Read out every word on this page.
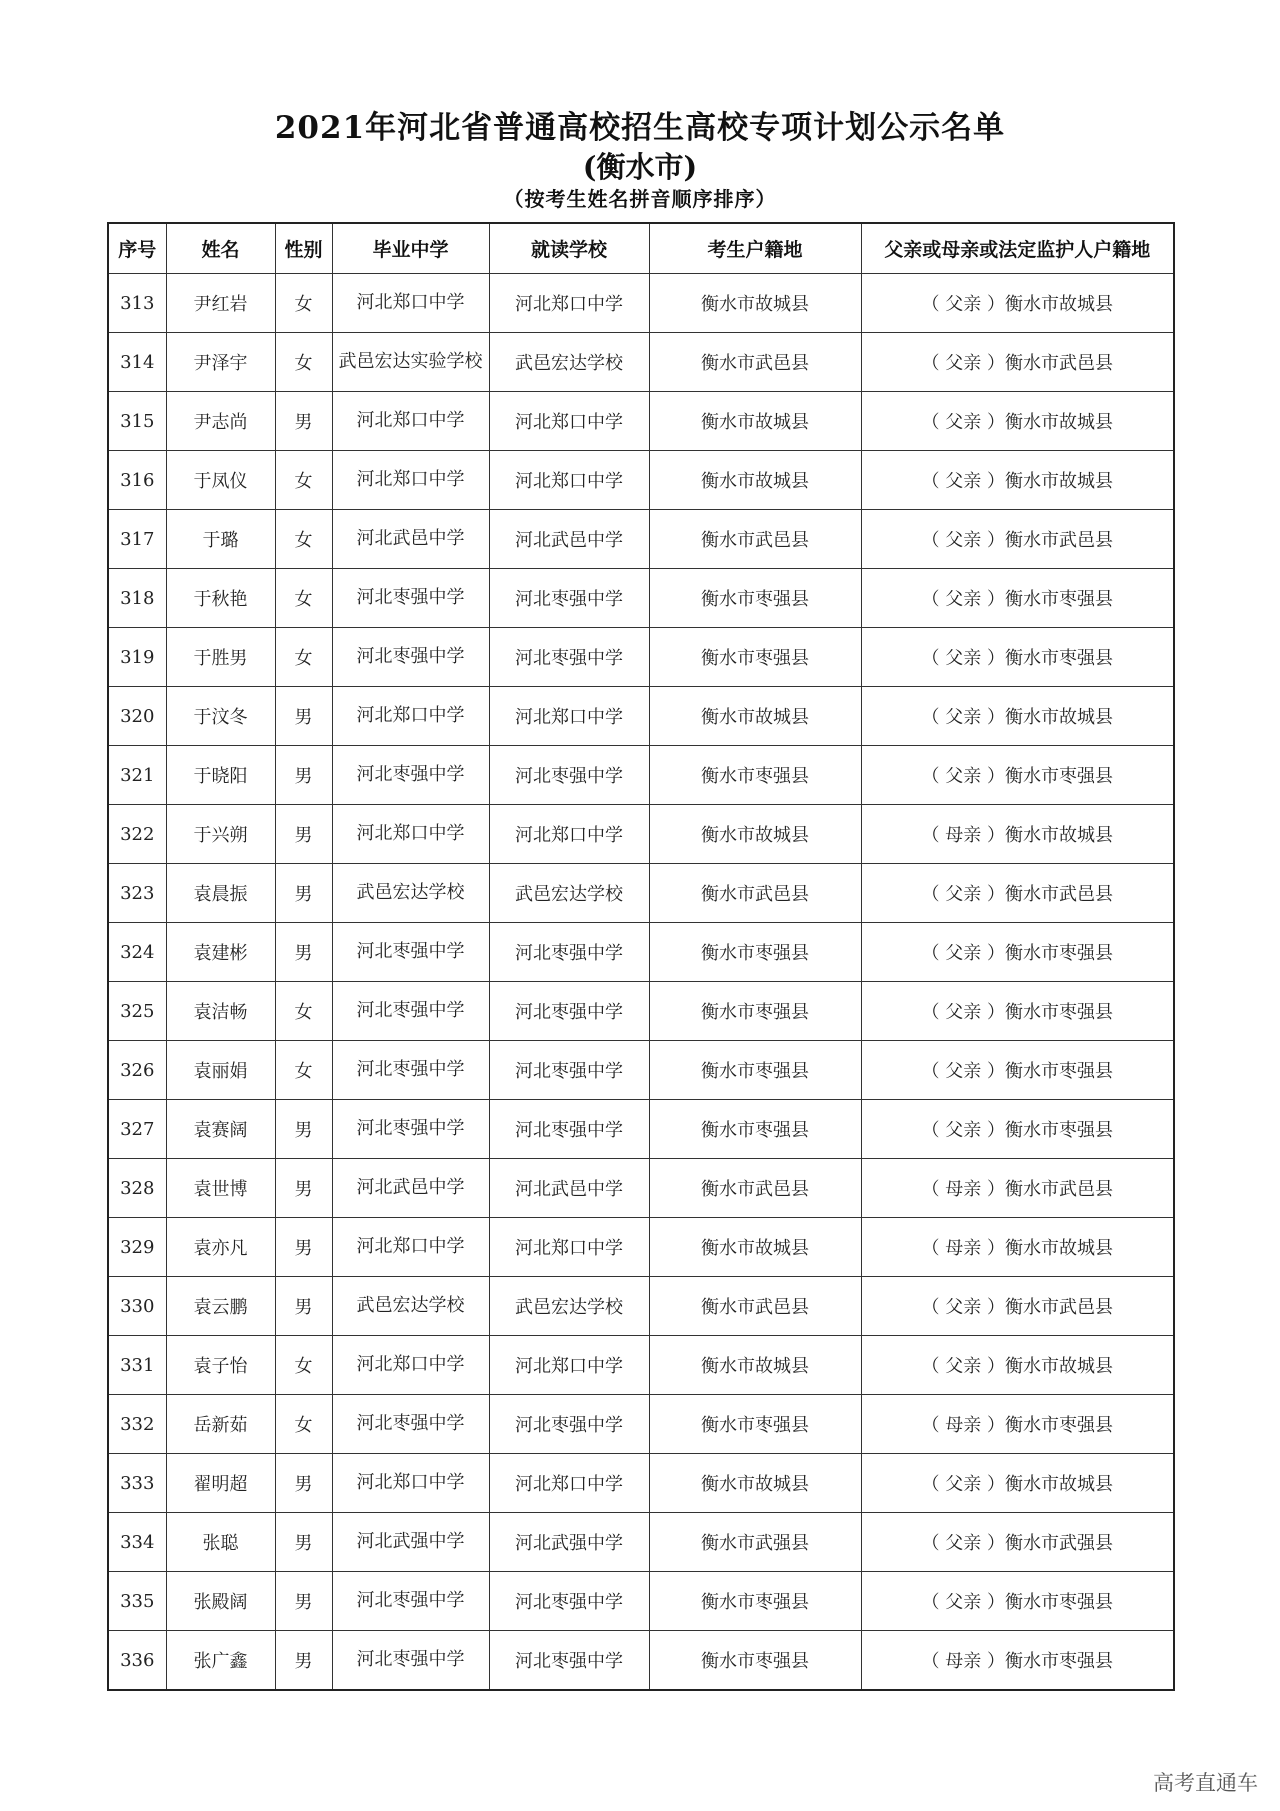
2021年河北省普通高校招生高校专项计划公示名单
(衡水市)
（按考生姓名拼音顺序排序）
序号	姓名	性别	毕业中学	就读学校	考生户籍地	父亲或母亲或法定监护人户籍地
313	尹红岩	女	河北郑口中学	河北郑口中学	衡水市故城县	（ 父亲 ）衡水市故城县
314	尹泽宇	女	武邑宏达实验学校	武邑宏达学校	衡水市武邑县	（ 父亲 ）衡水市武邑县
315	尹志尚	男	河北郑口中学	河北郑口中学	衡水市故城县	（ 父亲 ）衡水市故城县
316	于凤仪	女	河北郑口中学	河北郑口中学	衡水市故城县	（ 父亲 ）衡水市故城县
317	于璐	女	河北武邑中学	河北武邑中学	衡水市武邑县	（ 父亲 ）衡水市武邑县
318	于秋艳	女	河北枣强中学	河北枣强中学	衡水市枣强县	（ 父亲 ）衡水市枣强县
319	于胜男	女	河北枣强中学	河北枣强中学	衡水市枣强县	（ 父亲 ）衡水市枣强县
320	于汶冬	男	河北郑口中学	河北郑口中学	衡水市故城县	（ 父亲 ）衡水市故城县
321	于晓阳	男	河北枣强中学	河北枣强中学	衡水市枣强县	（ 父亲 ）衡水市枣强县
322	于兴朔	男	河北郑口中学	河北郑口中学	衡水市故城县	（ 母亲 ）衡水市故城县
323	袁晨振	男	武邑宏达学校	武邑宏达学校	衡水市武邑县	（ 父亲 ）衡水市武邑县
324	袁建彬	男	河北枣强中学	河北枣强中学	衡水市枣强县	（ 父亲 ）衡水市枣强县
325	袁洁畅	女	河北枣强中学	河北枣强中学	衡水市枣强县	（ 父亲 ）衡水市枣强县
326	袁丽娟	女	河北枣强中学	河北枣强中学	衡水市枣强县	（ 父亲 ）衡水市枣强县
327	袁赛阔	男	河北枣强中学	河北枣强中学	衡水市枣强县	（ 父亲 ）衡水市枣强县
328	袁世博	男	河北武邑中学	河北武邑中学	衡水市武邑县	（ 母亲 ）衡水市武邑县
329	袁亦凡	男	河北郑口中学	河北郑口中学	衡水市故城县	（ 母亲 ）衡水市故城县
330	袁云鹏	男	武邑宏达学校	武邑宏达学校	衡水市武邑县	（ 父亲 ）衡水市武邑县
331	袁子怡	女	河北郑口中学	河北郑口中学	衡水市故城县	（ 父亲 ）衡水市故城县
332	岳新茹	女	河北枣强中学	河北枣强中学	衡水市枣强县	（ 母亲 ）衡水市枣强县
333	翟明超	男	河北郑口中学	河北郑口中学	衡水市故城县	（ 父亲 ）衡水市故城县
334	张聪	男	河北武强中学	河北武强中学	衡水市武强县	（ 父亲 ）衡水市武强县
335	张殿阔	男	河北枣强中学	河北枣强中学	衡水市枣强县	（ 父亲 ）衡水市枣强县
336	张广鑫	男	河北枣强中学	河北枣强中学	衡水市枣强县	（ 母亲 ）衡水市枣强县
高考直通车
